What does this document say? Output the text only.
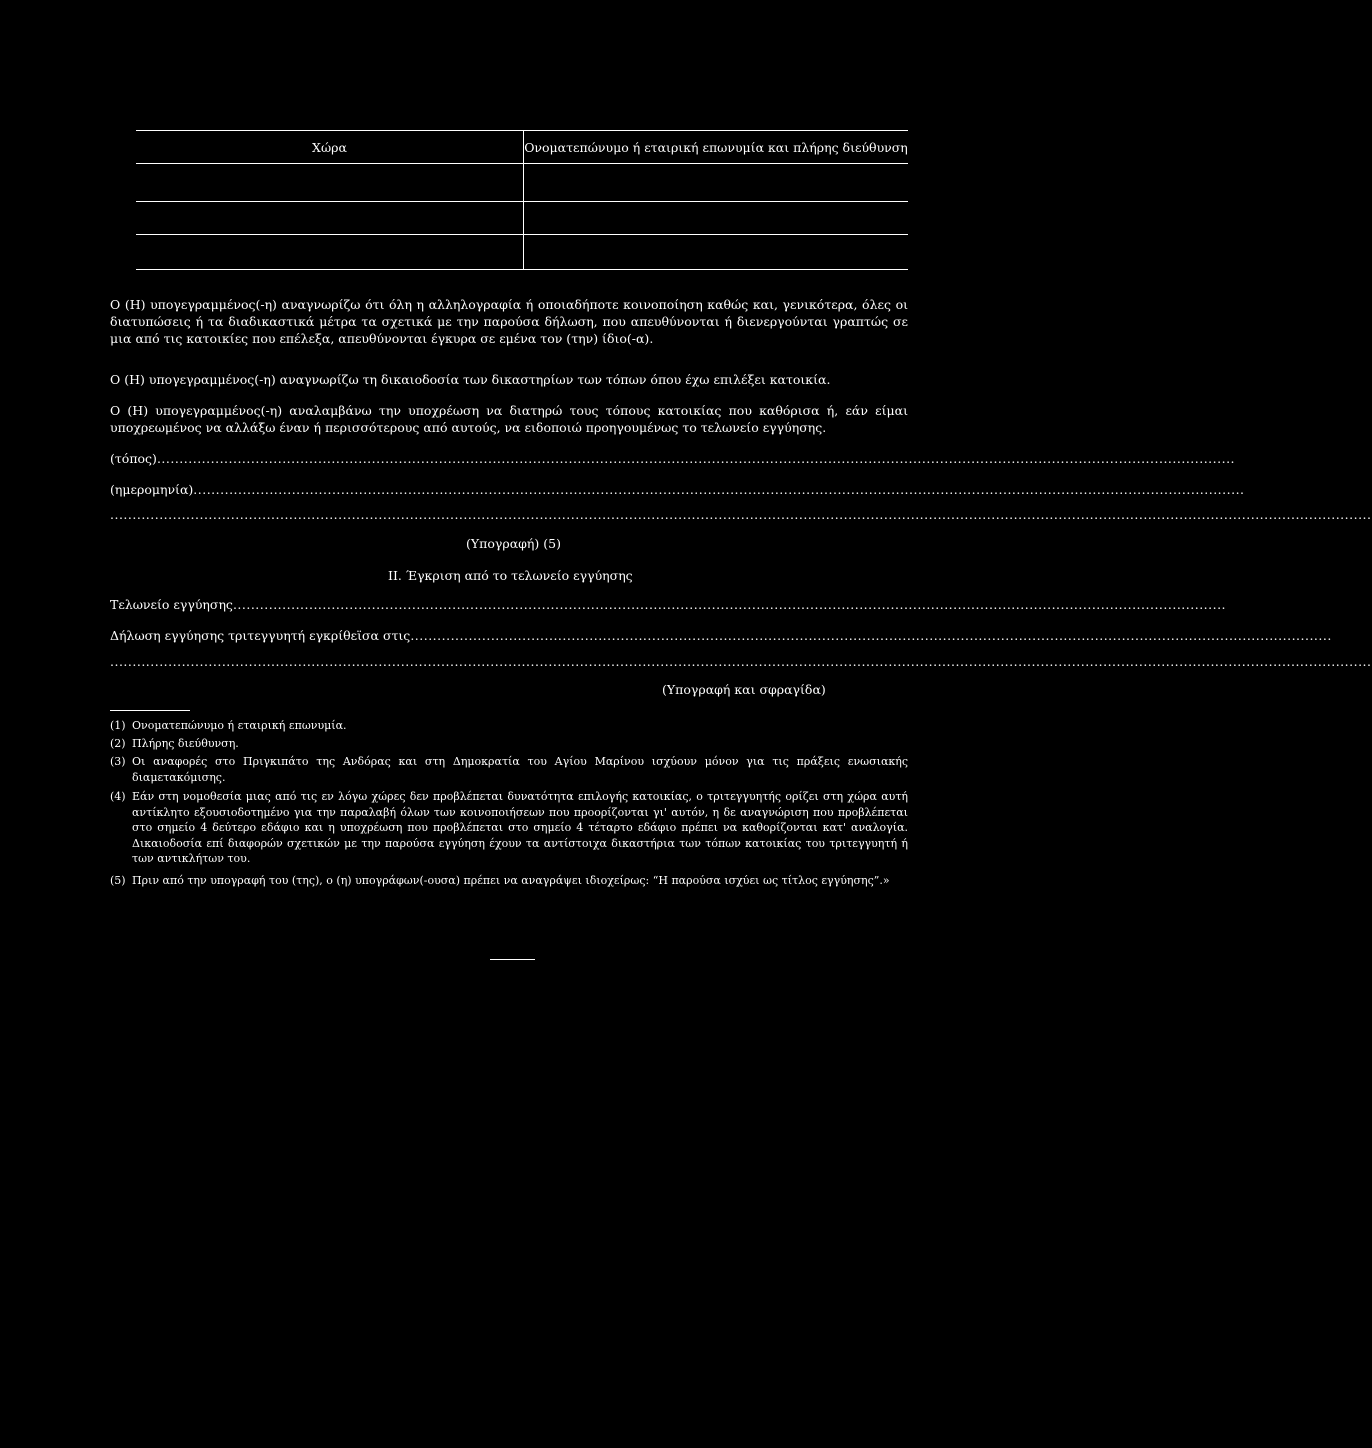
Χώρα	Ονοματεπώνυμο ή εταιρική επωνυμία και πλήρης διεύθυνση
Ο (Η) υπογεγραμμένος(-η) αναγνωρίζω ότι όλη η αλληλογραφία ή οποιαδήποτε κοινοποίηση καθώς και, γενικότερα, όλες οι διατυπώσεις ή τα διαδικαστικά μέτρα τα σχετικά με την παρούσα δήλωση, που απευθύνονται ή διενεργούνται γραπτώς σε μια από τις κατοικίες που επέλεξα, απευθύνονται έγκυρα σε εμένα τον (την) ίδιο(-α).
Ο (Η) υπογεγραμμένος(-η) αναγνωρίζω τη δικαιοδοσία των δικαστηρίων των τόπων όπου έχω επιλέξει κατοικία.
Ο (Η) υπογεγραμμένος(-η) αναλαμβάνω την υποχρέωση να διατηρώ τους τόπους κατοικίας που καθόρισα ή, εάν είμαι υποχρεωμένος να αλλάξω έναν ή περισσότερους από αυτούς, να ειδοποιώ προηγουμένως το τελωνείο εγγύησης.
(τόπος).................................................................................................................................................................................................................................................
(ημερομηνία)...........................................................................................................................................................................................................................................
..........................................................................................................................................................................................................................................................................................
(Υπογραφή) (5)
II. Έγκριση από το τελωνείο εγγύησης
Τελωνείο εγγύησης..............................................................................................................................................................................................................................
Δήλωση εγγύησης τριτεγγυητή εγκρίθεϊσα στις..............................................................................................................................................................................................................
..........................................................................................................................................................................................................................................................................................
(Υπογραφή και σφραγίδα)
(1) Ονοματεπώνυμο ή εταιρική επωνυμία.
(2) Πλήρης διεύθυνση.
(3) Οι αναφορές στο Πριγκιπάτο της Ανδόρας και στη Δημοκρατία του Αγίου Μαρίνου ισχύουν μόνον για τις πράξεις ενωσιακής διαμετακόμισης.
(4) Εάν στη νομοθεσία μιας από τις εν λόγω χώρες δεν προβλέπεται δυνατότητα επιλογής κατοικίας, ο τριτεγγυητής ορίζει στη χώρα αυτή αντίκλητο εξουσιοδοτημένο για την παραλαβή όλων των κοινοποιήσεων που προορίζονται γι' αυτόν, η δε αναγνώριση που προβλέπεται στο σημείο 4 δεύτερο εδάφιο και η υποχρέωση που προβλέπεται στο σημείο 4 τέταρτο εδάφιο πρέπει να καθορίζονται κατ' αναλογία. Δικαιοδοσία επί διαφορών σχετικών με την παρούσα εγγύηση έχουν τα αντίστοιχα δικαστήρια των τόπων κατοικίας του τριτεγγυητή ή των αντικλήτων του.
(5) Πριν από την υπογραφή του (της), ο (η) υπογράφων(-ουσα) πρέπει να αναγράψει ιδιοχείρως: “Η παρούσα ισχύει ως τίτλος εγγύησης”.»
